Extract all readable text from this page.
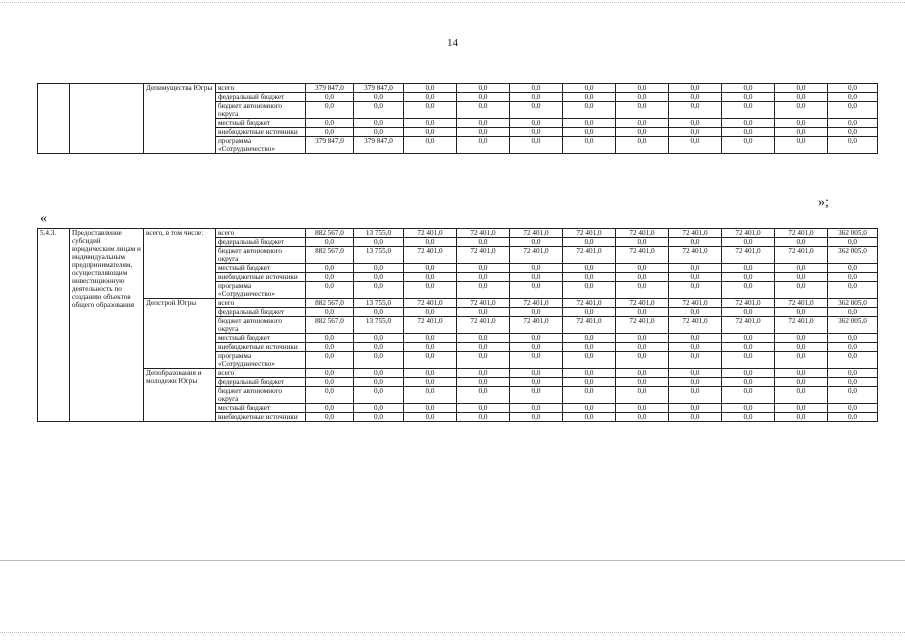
14
		Депимущества Югры	всего	379 847,0	379 847,0	0,0	0,0	0,0	0,0	0,0	0,0	0,0	0,0	0,0
			федеральный бюджет	0,0	0,0	0,0	0,0	0,0	0,0	0,0	0,0	0,0	0,0	0,0
			бюджет автономного округа	0,0	0,0	0,0	0,0	0,0	0,0	0,0	0,0	0,0	0,0	0,0
			местный бюджет	0,0	0,0	0,0	0,0	0,0	0,0	0,0	0,0	0,0	0,0	0,0
			внебюджетные источники	0,0	0,0	0,0	0,0	0,0	0,0	0,0	0,0	0,0	0,0	0,0
			программа «Сотрудничество»	379 847,0	379 847,0	0,0	0,0	0,0	0,0	0,0	0,0	0,0	0,0	0,0
»;
«
5.4.3.	Предоставление субсидий юридическим лицам и индивидуальным предпринимателям, осуществляющим инвестиционную деятельность по созданию объектов общего образования	всего, в том числе:	всего	882 567,0	13 755,0	72 401,0	72 401,0	72 401,0	72 401,0	72 401,0	72 401,0	72 401,0	72 401,0	362 005,0
			федеральный бюджет	0,0	0,0	0,0	0,0	0,0	0,0	0,0	0,0	0,0	0,0	0,0
			бюджет автономного округа	882 567,0	13 755,0	72 401,0	72 401,0	72 401,0	72 401,0	72 401,0	72 401,0	72 401,0	72 401,0	362 005,0
			местный бюджет	0,0	0,0	0,0	0,0	0,0	0,0	0,0	0,0	0,0	0,0	0,0
			внебюджетные источники	0,0	0,0	0,0	0,0	0,0	0,0	0,0	0,0	0,0	0,0	0,0
			программа «Сотрудничество»	0,0	0,0	0,0	0,0	0,0	0,0	0,0	0,0	0,0	0,0	0,0
		Депстрой Югры	всего	882 567,0	13 755,0	72 401,0	72 401,0	72 401,0	72 401,0	72 401,0	72 401,0	72 401,0	72 401,0	362 005,0
			федеральный бюджет	0,0	0,0	0,0	0,0	0,0	0,0	0,0	0,0	0,0	0,0	0,0
			бюджет автономного округа	882 567,0	13 755,0	72 401,0	72 401,0	72 401,0	72 401,0	72 401,0	72 401,0	72 401,0	72 401,0	362 005,0
			местный бюджет	0,0	0,0	0,0	0,0	0,0	0,0	0,0	0,0	0,0	0,0	0,0
			внебюджетные источники	0,0	0,0	0,0	0,0	0,0	0,0	0,0	0,0	0,0	0,0	0,0
			программа «Сотрудничество»	0,0	0,0	0,0	0,0	0,0	0,0	0,0	0,0	0,0	0,0	0,0
		Депобразования и молодежи Югры	всего	0,0	0,0	0,0	0,0	0,0	0,0	0,0	0,0	0,0	0,0	0,0
			федеральный бюджет	0,0	0,0	0,0	0,0	0,0	0,0	0,0	0,0	0,0	0,0	0,0
			бюджет автономного округа	0,0	0,0	0,0	0,0	0,0	0,0	0,0	0,0	0,0	0,0	0,0
			местный бюджет	0,0	0,0	0,0	0,0	0,0	0,0	0,0	0,0	0,0	0,0	0,0
			внебюджетные источники	0,0	0,0	0,0	0,0	0,0	0,0	0,0	0,0	0,0	0,0	0,0
